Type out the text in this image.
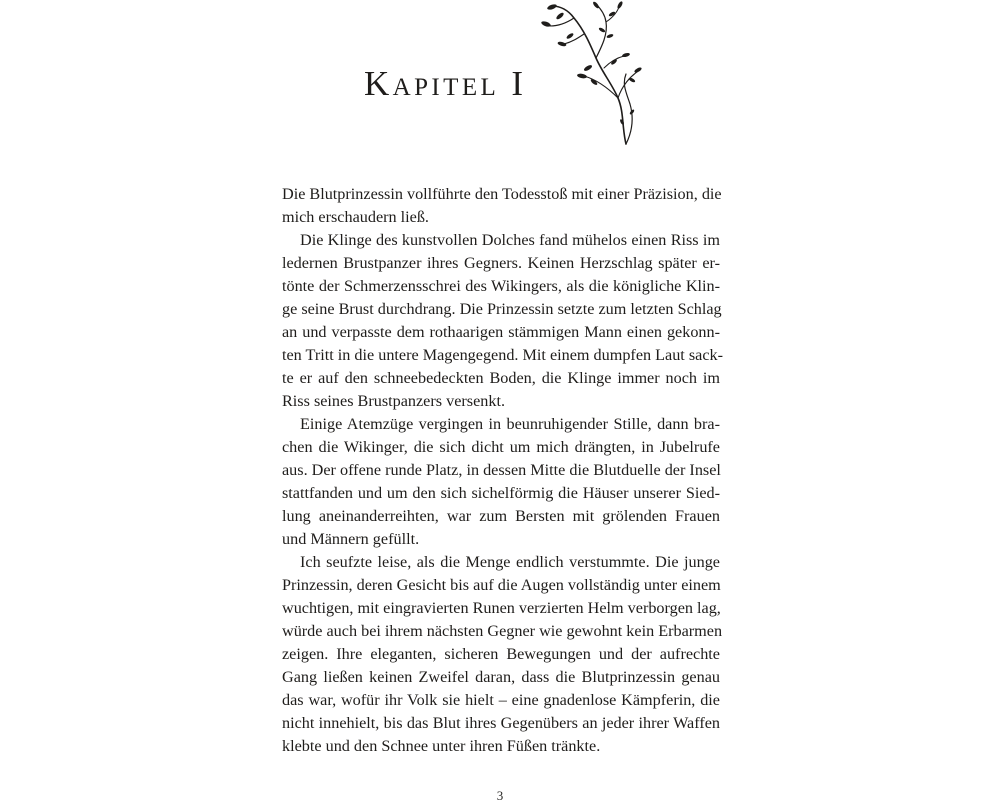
Kapitel I

Die Blutprinzessin vollführte den Todesstoß mit einer Präzision, die
mich erschaudern ließ.

Die Klinge des kunstvollen Dolches fand mühelos einen Riss im
ledernen Brustpanzer ihres Gegners. Keinen Herzschlag später er-
tönte der Schmerzensschrei des Wikingers, als die königliche Klin-
ge seine Brust durchdrang. Die Prinzessin setzte zum letzten Schlag
an und verpasste dem rothaarigen stämmigen Mann einen gekonn-
ten Tritt in die untere Magengegend. Mit einem dumpfen Laut sack-
te er auf den schneebedeckten Boden, die Klinge immer noch im
Riss seines Brustpanzers versenkt.

Einige Atemzüge vergingen in beunruhigender Stille, dann bra-
chen die Wikinger, die sich dicht um mich drängten, in Jubelrufe
aus. Der offene runde Platz, in dessen Mitte die Blutduelle der Insel
stattfanden und um den sich sichelförmig die Häuser unserer Sied-
lung aneinanderreihten, war zum Bersten mit grölenden Frauen
und Männern gefüllt.

Ich seufzte leise, als die Menge endlich verstummte. Die junge
Prinzessin, deren Gesicht bis auf die Augen vollständig unter einem
wuchtigen, mit eingravierten Runen verzierten Helm verborgen lag,
würde auch bei ihrem nächsten Gegner wie gewohnt kein Erbarmen
zeigen. Ihre eleganten, sicheren Bewegungen und der aufrechte
Gang ließen keinen Zweifel daran, dass die Blutprinzessin genau
das war, wofür ihr Volk sie hielt – eine gnadenlose Kämpferin, die
nicht innehielt, bis das Blut ihres Gegenübers an jeder ihrer Waffen
klebte und den Schnee unter ihren Füßen tränkte.

3
